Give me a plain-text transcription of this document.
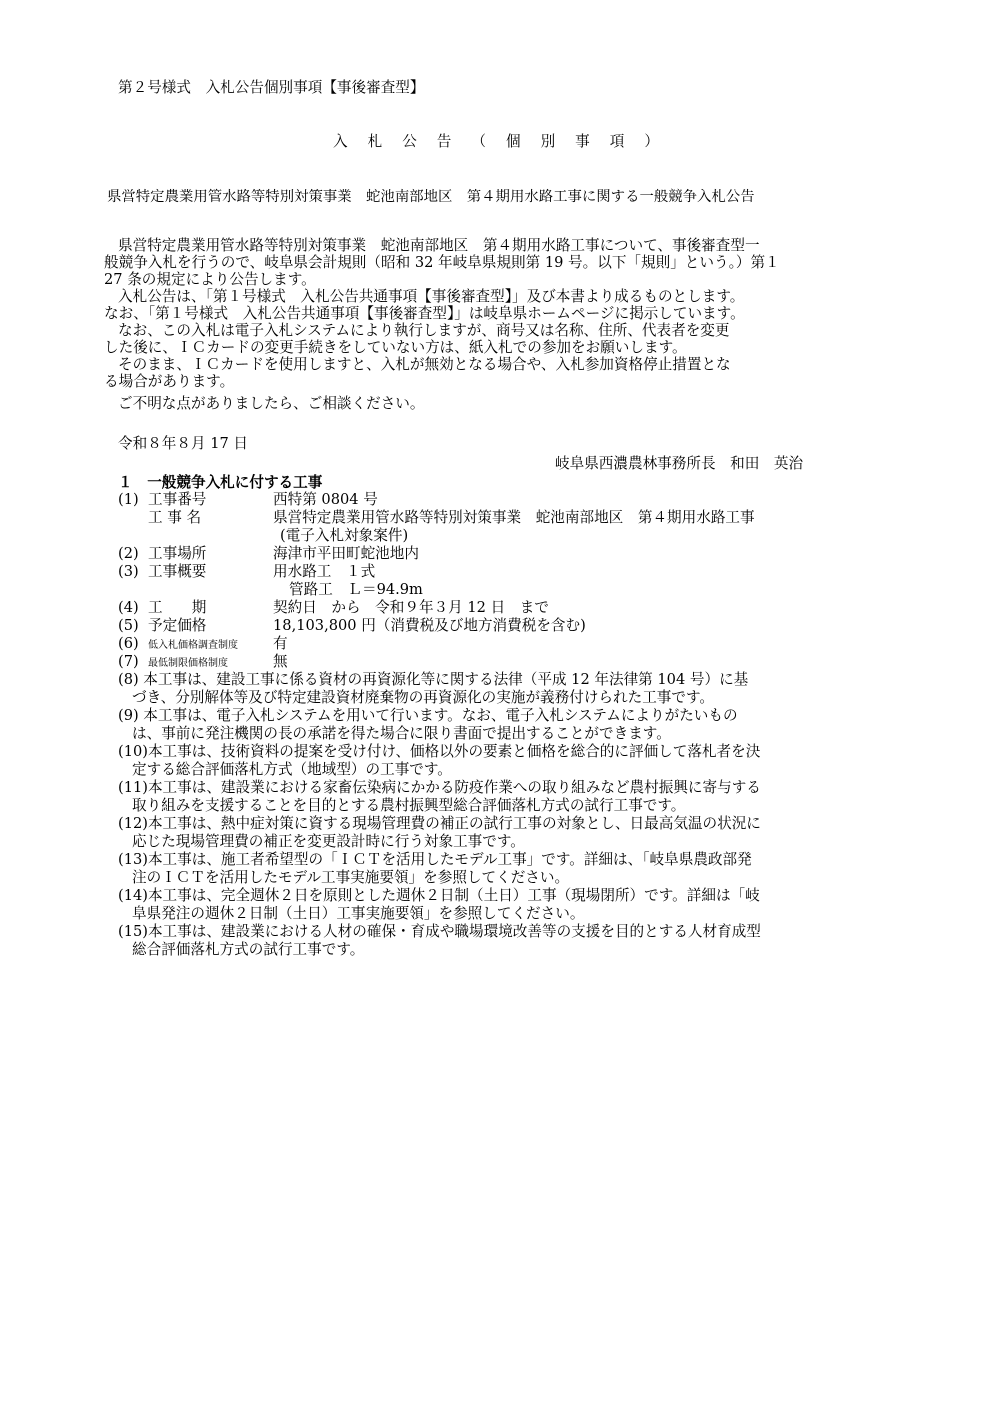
第２号様式　入札公告個別事項【事後審査型】
入札公告（個別事項）
県営特定農業用管水路等特別対策事業　蛇池南部地区　第４期用水路工事に関する一般競争入札公告
県営特定農業用管水路等特別対策事業　蛇池南部地区　第４期用水路工事について、事後審査型一
般競争入札を行うので、岐阜県会計規則（昭和 32 年岐阜県規則第 19 号。以下「規則」という。）第１
27 条の規定により公告します。
入札公告は、「第１号様式　入札公告共通事項【事後審査型】」及び本書より成るものとします。
なお、「第１号様式　入札公告共通事項【事後審査型】」は岐阜県ホームページに掲示しています。
なお、この入札は電子入札システムにより執行しますが、商号又は名称、住所、代表者を変更
した後に、ＩＣカードの変更手続きをしていない方は、紙入札での参加をお願いします。
そのまま、ＩＣカードを使用しますと、入札が無効となる場合や、入札参加資格停止措置とな
る場合があります。
ご不明な点がありましたら、ご相談ください。
令和８年８月 17 日
岐阜県西濃農林事務所長　和田　英治
１　一般競争入札に付する工事
(1) 工事番号	西特第 0804 号
工 事 名	県営特定農業用管水路等特別対策事業　蛇池南部地区　第４期用水路工事
(電子入札対象案件)
(2) 工事場所	海津市平田町蛇池地内
(3) 工事概要	用水路工　１式
管路工　Ｌ＝94.9m
(4) 工　　期	契約日　から　令和９年３月 12 日　まで
(5) 予定価格	18,103,800 円（消費税及び地方消費税を含む)
(6) 低入札価格調査制度 有
(7) 最低制限価格制度	無
(8) 本工事は、建設工事に係る資材の再資源化等に関する法律（平成 12 年法律第 104 号）に基
づき、分別解体等及び特定建設資材廃棄物の再資源化の実施が義務付けられた工事です。
(9) 本工事は、電子入札システムを用いて行います。なお、電子入札システムによりがたいもの
は、事前に発注機関の長の承諾を得た場合に限り書面で提出することができます。
(10)本工事は、技術資料の提案を受け付け、価格以外の要素と価格を総合的に評価して落札者を決
定する総合評価落札方式（地域型）の工事です。
(11)本工事は、建設業における家畜伝染病にかかる防疫作業への取り組みなど農村振興に寄与する
取り組みを支援することを目的とする農村振興型総合評価落札方式の試行工事です。
(12)本工事は、熱中症対策に資する現場管理費の補正の試行工事の対象とし、日最高気温の状況に
応じた現場管理費の補正を変更設計時に行う対象工事です。
(13)本工事は、施工者希望型の「ＩＣＴを活用したモデル工事」です。詳細は、「岐阜県農政部発
注のＩＣＴを活用したモデル工事実施要領」を参照してください。
(14)本工事は、完全週休２日を原則とした週休２日制（土日）工事（現場閉所）です。詳細は「岐
阜県発注の週休２日制（土日）工事実施要領」を参照してください。
(15)本工事は、建設業における人材の確保・育成や職場環境改善等の支援を目的とする人材育成型
総合評価落札方式の試行工事です。
